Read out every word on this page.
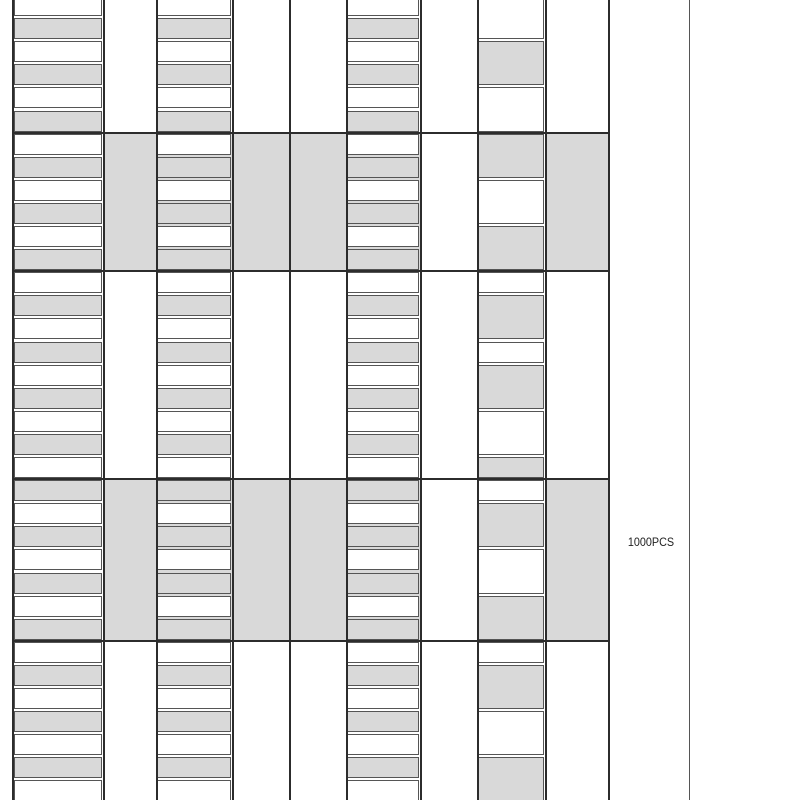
1000PCS
